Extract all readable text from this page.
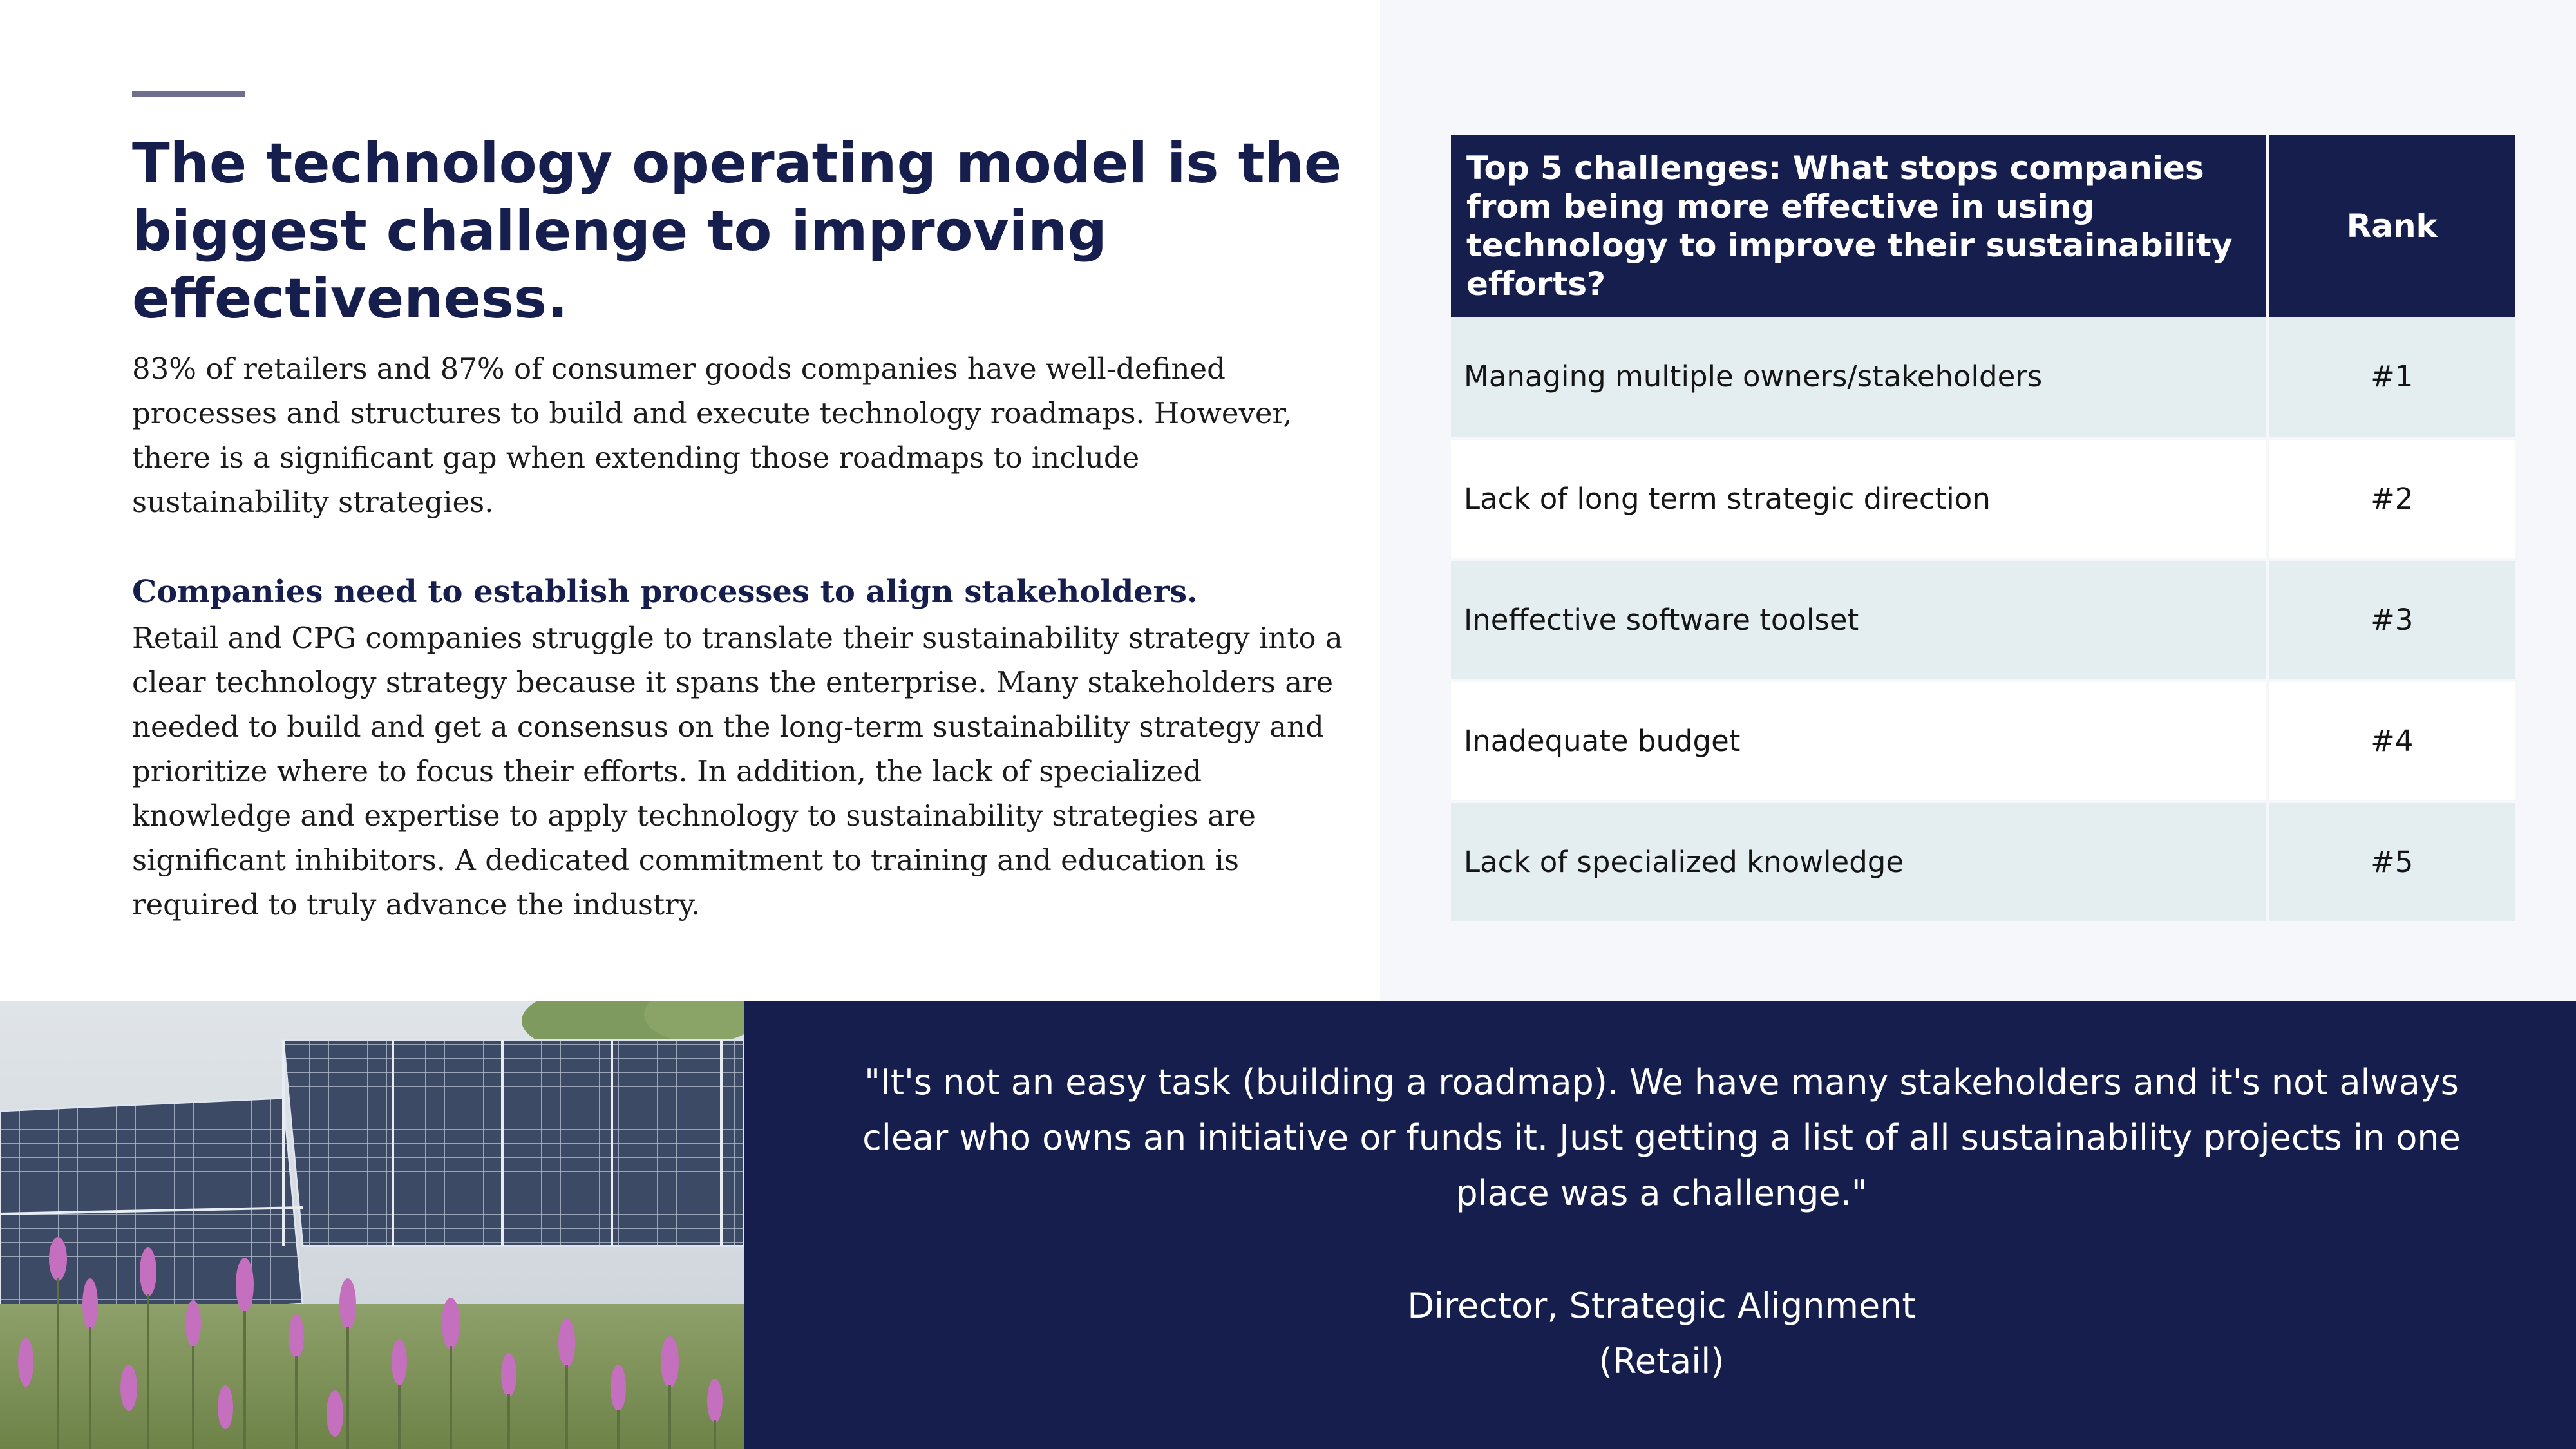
The technology operating model is the biggest challenge to improving effectiveness.

83% of retailers and 87% of consumer goods companies have well-defined processes and structures to build and execute technology roadmaps. However, there is a significant gap when extending those roadmaps to include sustainability strategies.

Companies need to establish processes to align stakeholders.

Retail and CPG companies struggle to translate their sustainability strategy into a clear technology strategy because it spans the enterprise. Many stakeholders are needed to build and get a consensus on the long-term sustainability strategy and prioritize where to focus their efforts. In addition, the lack of specialized knowledge and expertise to apply technology to sustainability strategies are significant inhibitors. A dedicated commitment to training and education is required to truly advance the industry.

Top 5 challenges: What stops companies from being more effective in using technology to improve their sustainability efforts?	Rank
Managing multiple owners/stakeholders	#1
Lack of long term strategic direction	#2
Ineffective software toolset	#3
Inadequate budget	#4
Lack of specialized knowledge	#5

"It's not an easy task (building a roadmap). We have many stakeholders and it's not always clear who owns an initiative or funds it. Just getting a list of all sustainability projects in one place was a challenge."

Director, Strategic Alignment
(Retail)
